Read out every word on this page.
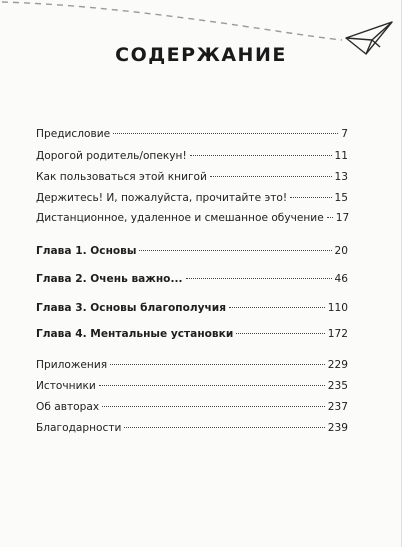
СОДЕРЖАНИЕ
Предисловие	7
Дорогой родитель/опекун!	11
Как пользоваться этой книгой	13
Держитесь! И, пожалуйста, прочитайте это!	15
Дистанционное, удаленное и смешанное обучение 17
Глава 1. Основы	20
Глава 2. Очень важно...	46
Глава 3. Основы благополучия	110
Глава 4. Ментальные установки	172
Приложения	229
Источники	235
Об авторах	237
Благодарности	239
